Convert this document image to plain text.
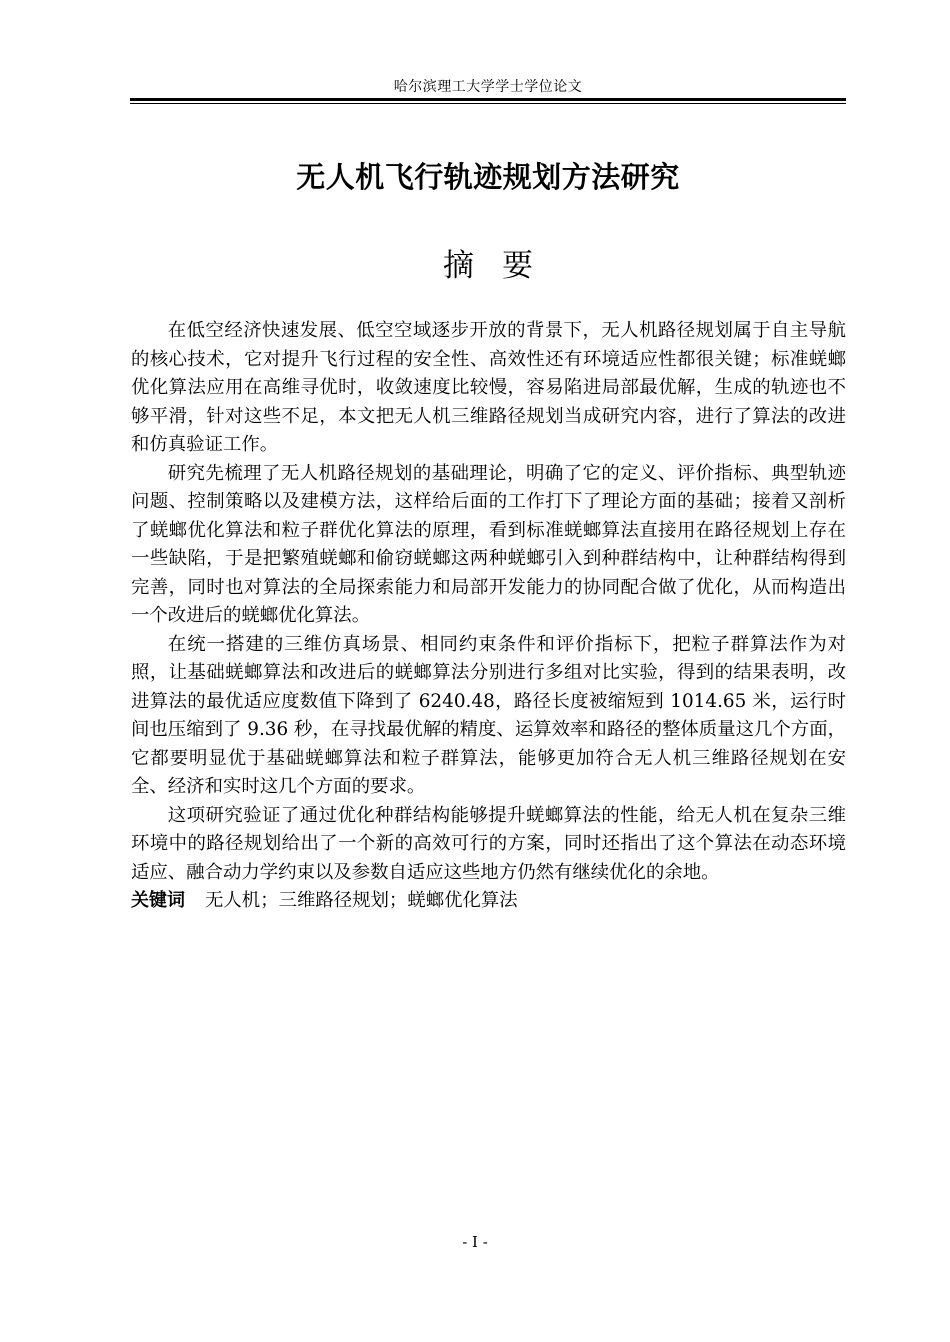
哈尔滨理工大学学士学位论文
无人机飞行轨迹规划方法研究
摘要

在低空经济快速发展、低空空域逐步开放的背景下，无人机路径规划属于自主导航的核心技术，它对提升飞行过程的安全性、高效性还有环境适应性都很关键；标准蜣螂优化算法应用在高维寻优时，收敛速度比较慢，容易陷进局部最优解，生成的轨迹也不够平滑，针对这些不足，本文把无人机三维路径规划当成研究内容，进行了算法的改进和仿真验证工作。

研究先梳理了无人机路径规划的基础理论，明确了它的定义、评价指标、典型轨迹问题、控制策略以及建模方法，这样给后面的工作打下了理论方面的基础；接着又剖析了蜣螂优化算法和粒子群优化算法的原理，看到标准蜣螂算法直接用在路径规划上存在一些缺陷，于是把繁殖蜣螂和偷窃蜣螂这两种蜣螂引入到种群结构中，让种群结构得到完善，同时也对算法的全局探索能力和局部开发能力的协同配合做了优化，从而构造出一个改进后的蜣螂优化算法。

在统一搭建的三维仿真场景、相同约束条件和评价指标下，把粒子群算法作为对照，让基础蜣螂算法和改进后的蜣螂算法分别进行多组对比实验，得到的结果表明，改进算法的最优适应度数值下降到了 6240.48，路径长度被缩短到 1014.65 米，运行时间也压缩到了 9.36 秒，在寻找最优解的精度、运算效率和路径的整体质量这几个方面，它都要明显优于基础蜣螂算法和粒子群算法，能够更加符合无人机三维路径规划在安全、经济和实时这几个方面的要求。

这项研究验证了通过优化种群结构能够提升蜣螂算法的性能，给无人机在复杂三维环境中的路径规划给出了一个新的高效可行的方案，同时还指出了这个算法在动态环境适应、融合动力学约束以及参数自适应这些地方仍然有继续优化的余地。

关键词 无人机；三维路径规划；蜣螂优化算法
- I -
